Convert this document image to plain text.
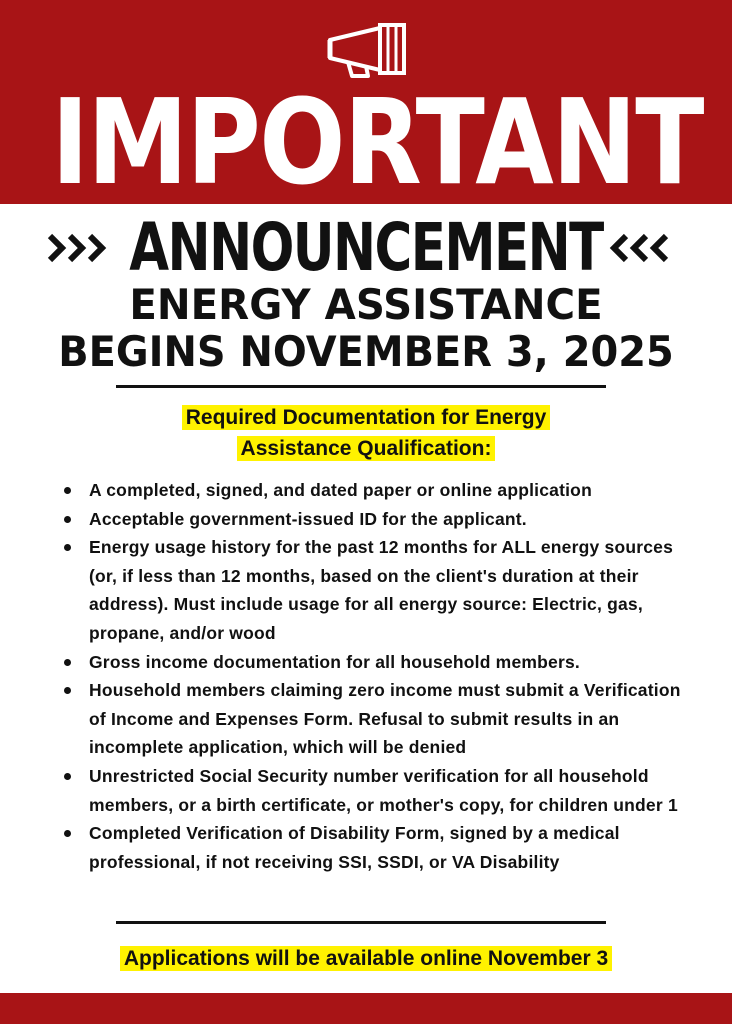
IMPORTANT
ANNOUNCEMENT
ENERGY ASSISTANCE
BEGINS NOVEMBER 3, 2025
Required Documentation for Energy
Assistance Qualification:
A completed, signed, and dated paper or online application
Acceptable government-issued ID for the applicant.
Energy usage history for the past 12 months for ALL energy sources (or, if less than 12 months, based on the client's duration at their address). Must include usage for all energy source: Electric, gas, propane, and/or wood
Gross income documentation for all household members.
Household members claiming zero income must submit a Verification of Income and Expenses Form. Refusal to submit results in an incomplete application, which will be denied
Unrestricted Social Security number verification for all household members, or a birth certificate, or mother's copy, for children under 1
Completed Verification of Disability Form, signed by a medical professional, if not receiving SSI, SSDI, or VA Disability
Applications will be available online November 3
